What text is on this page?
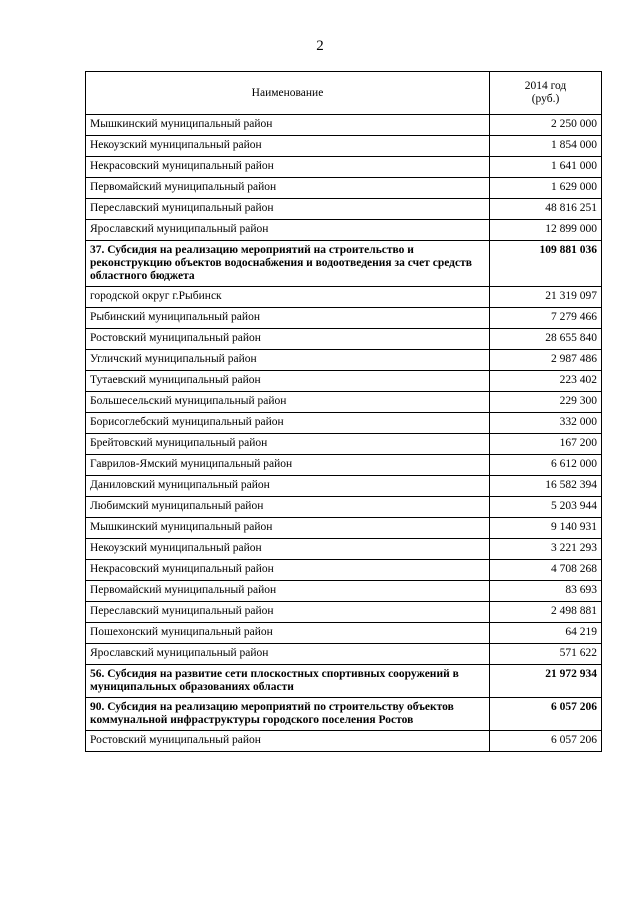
2
Наименование	2014 год
(руб.)

Мышкинский муниципальный район	2 250 000
Некоузский муниципальный район	1 854 000
Некрасовский муниципальный район	1 641 000
Первомайский муниципальный район	1 629 000
Переславский муниципальный район	48 816 251
Ярославский муниципальный район	12 899 000
37. Субсидия на реализацию мероприятий на строительство и реконструкцию объектов водоснабжения и водоотведения за счет средств областного бюджета	109 881 036
городской округ г.Рыбинск	21 319 097
Рыбинский муниципальный район	7 279 466
Ростовский муниципальный район	28 655 840
Угличский муниципальный район	2 987 486
Тутаевский муниципальный район	223 402
Большесельский муниципальный район	229 300
Борисоглебский муниципальный район	332 000
Брейтовский муниципальный район	167 200
Гаврилов-Ямский муниципальный район	6 612 000
Даниловский муниципальный район	16 582 394
Любимский муниципальный район	5 203 944
Мышкинский муниципальный район	9 140 931
Некоузский муниципальный район	3 221 293
Некрасовский муниципальный район	4 708 268
Первомайский муниципальный район	83 693
Переславский муниципальный район	2 498 881
Пошехонский муниципальный район	64 219
Ярославский муниципальный район	571 622
56. Субсидия на развитие сети плоскостных спортивных сооружений в муниципальных образованиях области	21 972 934
90. Субсидия на реализацию мероприятий по строительству объектов коммунальной инфраструктуры городского поселения Ростов	6 057 206
Ростовский муниципальный район	6 057 206
